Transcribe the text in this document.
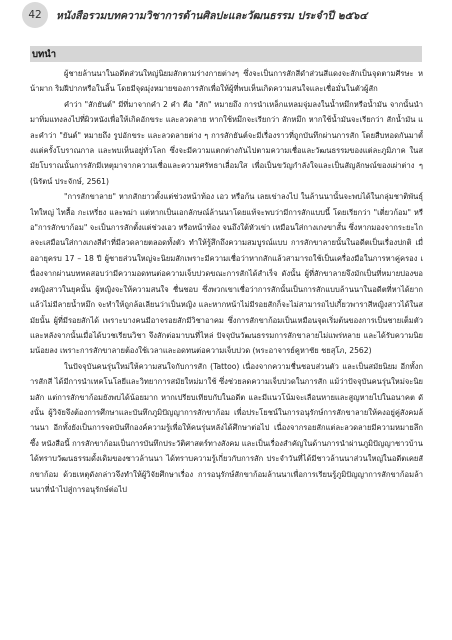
42	หนังสือรวมบทความวิชาการด้านศิลปะและวัฒนธรรม ประจำปี ๒๕๖๔
บทนำ

ผู้ชายล้านนาในอดีตส่วนใหญ่นิยมสักตามร่างกายต่างๆ ซึ่งจะเป็นการสักสีดำส่วนสีแดงจะสักเป็นจุดตามศีรษะ หน้าผาก ริมฝีปากหรือในลิ้น โดยมีจุดมุ่งหมายของการสักเพื่อให้ผู้ที่พบเห็นเกิดความสนใจและเชื่อมั่นในตัวผู้สัก

คำว่า "สักยันต์" มีที่มาจากคำ 2 คำ คือ "สัก" หมายถึง การนำเหล็กแหลมจุ่มลงในน้ำหมึกหรือน้ำมัน จากนั้นนำมาทิ่มแทงลงไปที่ผิวหนังเพื่อให้เกิดอักขระ และลวดลาย หากใช้หมึกจะเรียกว่า สักหมึก หากใช้น้ำมันจะเรียกว่า สักน้ำมัน และคำว่า "ยันต์" หมายถึง รูปอักขระ และลวดลายต่าง ๆ การสักยันต์จะมีเรื่องราวที่ถูกบันทึกผ่านการสัก โดยสืบทอดกันมาตั้งแต่ครั้งโบราณกาล และพบเห็นอยู่ทั่วโลก ซึ่งจะมีความแตกต่างกันไปตามความเชื่อและวัฒนธรรมของแต่ละภูมิภาค ในสมัยโบราณนั้นการสักมีเหตุมาจากความเชื่อและความศรัทธาเลื่อมใส เพื่อเป็นขวัญกำลังใจและเป็นสัญลักษณ์ของเผ่าต่าง ๆ (นิรัตน์ ประจักษ์, 2561)

"การสักขาลาย" หากสักยาวตั้งแต่ช่วงหน้าท้อง เอว หรือก้น เลยเข่าลงไป ในล้านนานั้นจะพบได้ในกลุ่มชาติพันธุ์ไทใหญ่ ไทลื้อ กะเหรี่ยง และพม่า แต่หากเป็นเอกลักษณ์ล้านนาโดยแท้จะพบว่ามีการสักแบบนี้ โดยเรียกว่า "เตี่ยวก้อม" หรือ"การสักขาก้อม" จะเป็นการสักตั้งแต่ช่วงเอว หรือหน้าท้อง จนถึงใต้หัวเข่า เหมือนใส่กางเกงขาสั้น ซึ่งหากมองจากระยะไกลจะเสมือนใส่กางเกงสีดำที่มีลวดลายตลอดทั้งตัว ทำให้รู้สึกถึงความสมบูรณ์แบบ การสักขาลายนั้นในอดีตเป็นเรื่องปกติ เมื่ออายุครบ 17 – 18 ปี ผู้ชายส่วนใหญ่จะนิยมสักเพราะมีความเชื่อว่าหากสักแล้วสามารถใช้เป็นเครื่องมือในการหาคู่ครอง เนื่องจากผ่านบททดสอบว่ามีความอดทนต่อความเจ็บปวดขณะการสักได้สำเร็จ ดังนั้น ผู้ที่สักขาลายจึงมักเป็นที่หมายปองของหญิงสาวในยุคนั้น ผู้หญิงจะให้ความสนใจ ชื่นชอบ ซึ่งพวกเขาเชื่อว่าการสักนั้นเป็นการสักแบบล้านนาในอดีตที่หาได้ยาก แล้วไม่มีลายน้ำหมึก จะทำให้ถูกล้อเลียนว่าเป็นหญิง และหากหน้าไม่มีรอยสักก็จะไม่สามารถไปเกี้ยวพาราสีหญิงสาวได้ในสมัยนั้น ผู้ที่มีรอยสักได้ เพราะบางคนมีอาจรอยสักมีวิชาอาคม ซึ่งการสักขาก้อมเป็นเหมือนจุดเริ่มต้นของการเป็นชายเต็มตัว และหลังจากนั้นเมื่อได้บวชเรียนวิชา จึงสักต่อมาบนที่ไหล่ ปัจจุบันวัฒนธรรมการสักขาลายไม่แพร่หลาย และได้รับความนิยมน้อยลง เพราะการสักขาลายต้องใช้เวลาและอดทนต่อความเจ็บปวด (พระอาจารย์คูหาชัย ชยสุโภ, 2562)

ในปัจจุบันคนรุ่นใหม่ให้ความสนใจกับการสัก (Tattoo) เนื่องจากความชื่นชอบส่วนตัว และเป็นสมัยนิยม อีกทั้งการสักสี ได้มีการนำเทคโนโลยีและวิทยาการสมัยใหม่มาใช้ ซึ่งช่วยลดความเจ็บปวดในการสัก แม้ว่าปัจจุบันคนรุ่นใหม่จะนิยมสัก แต่การสักขาก้อมยังพบได้น้อยมาก หากเปรียบเทียบกับในอดีต และมีแนวโน้มจะเลือนหายและสูญหายไปในอนาคต ดังนั้น ผู้วิจัยจึงต้องการศึกษาและบันทึกภูมิปัญญาการสักขาก้อม เพื่อประโยชน์ในการอนุรักษ์การสักขาลายให้คงอยู่คู่สังคมล้านนา อีกทั้งยังเป็นการจดบันทึกองค์ความรู้เพื่อให้คนรุ่นหลังได้ศึกษาต่อไป เนื่องจากรอยสักแต่ละลวดลายมีความหมายลึกซึ้ง หนังสือนี้ การสักขาก้อมเป็นการบันทึกประวัติศาสตร์ทางสังคม และเป็นเรื่องสำคัญในด้านการนำผ่านภูมิปัญญาชาวบ้านได้ทราบวัฒนธรรมดั้งเดิมของชาวล้านนา ได้ทราบความรู้เกี่ยวกับการสัก ประจำวันที่ได้มีชาวล้านนาส่วนใหญ่ในอดีตเคยสักขาก้อม ด้วยเหตุดังกล่าวจึงทำให้ผู้วิจัยศึกษาเรื่อง การอนุรักษ์สักขาก้อมล้านนาเพื่อการเรียนรู้ภูมิปัญญาการสักขาก้อมล้านนาที่นำไปสู่การอนุรักษ์ต่อไป
